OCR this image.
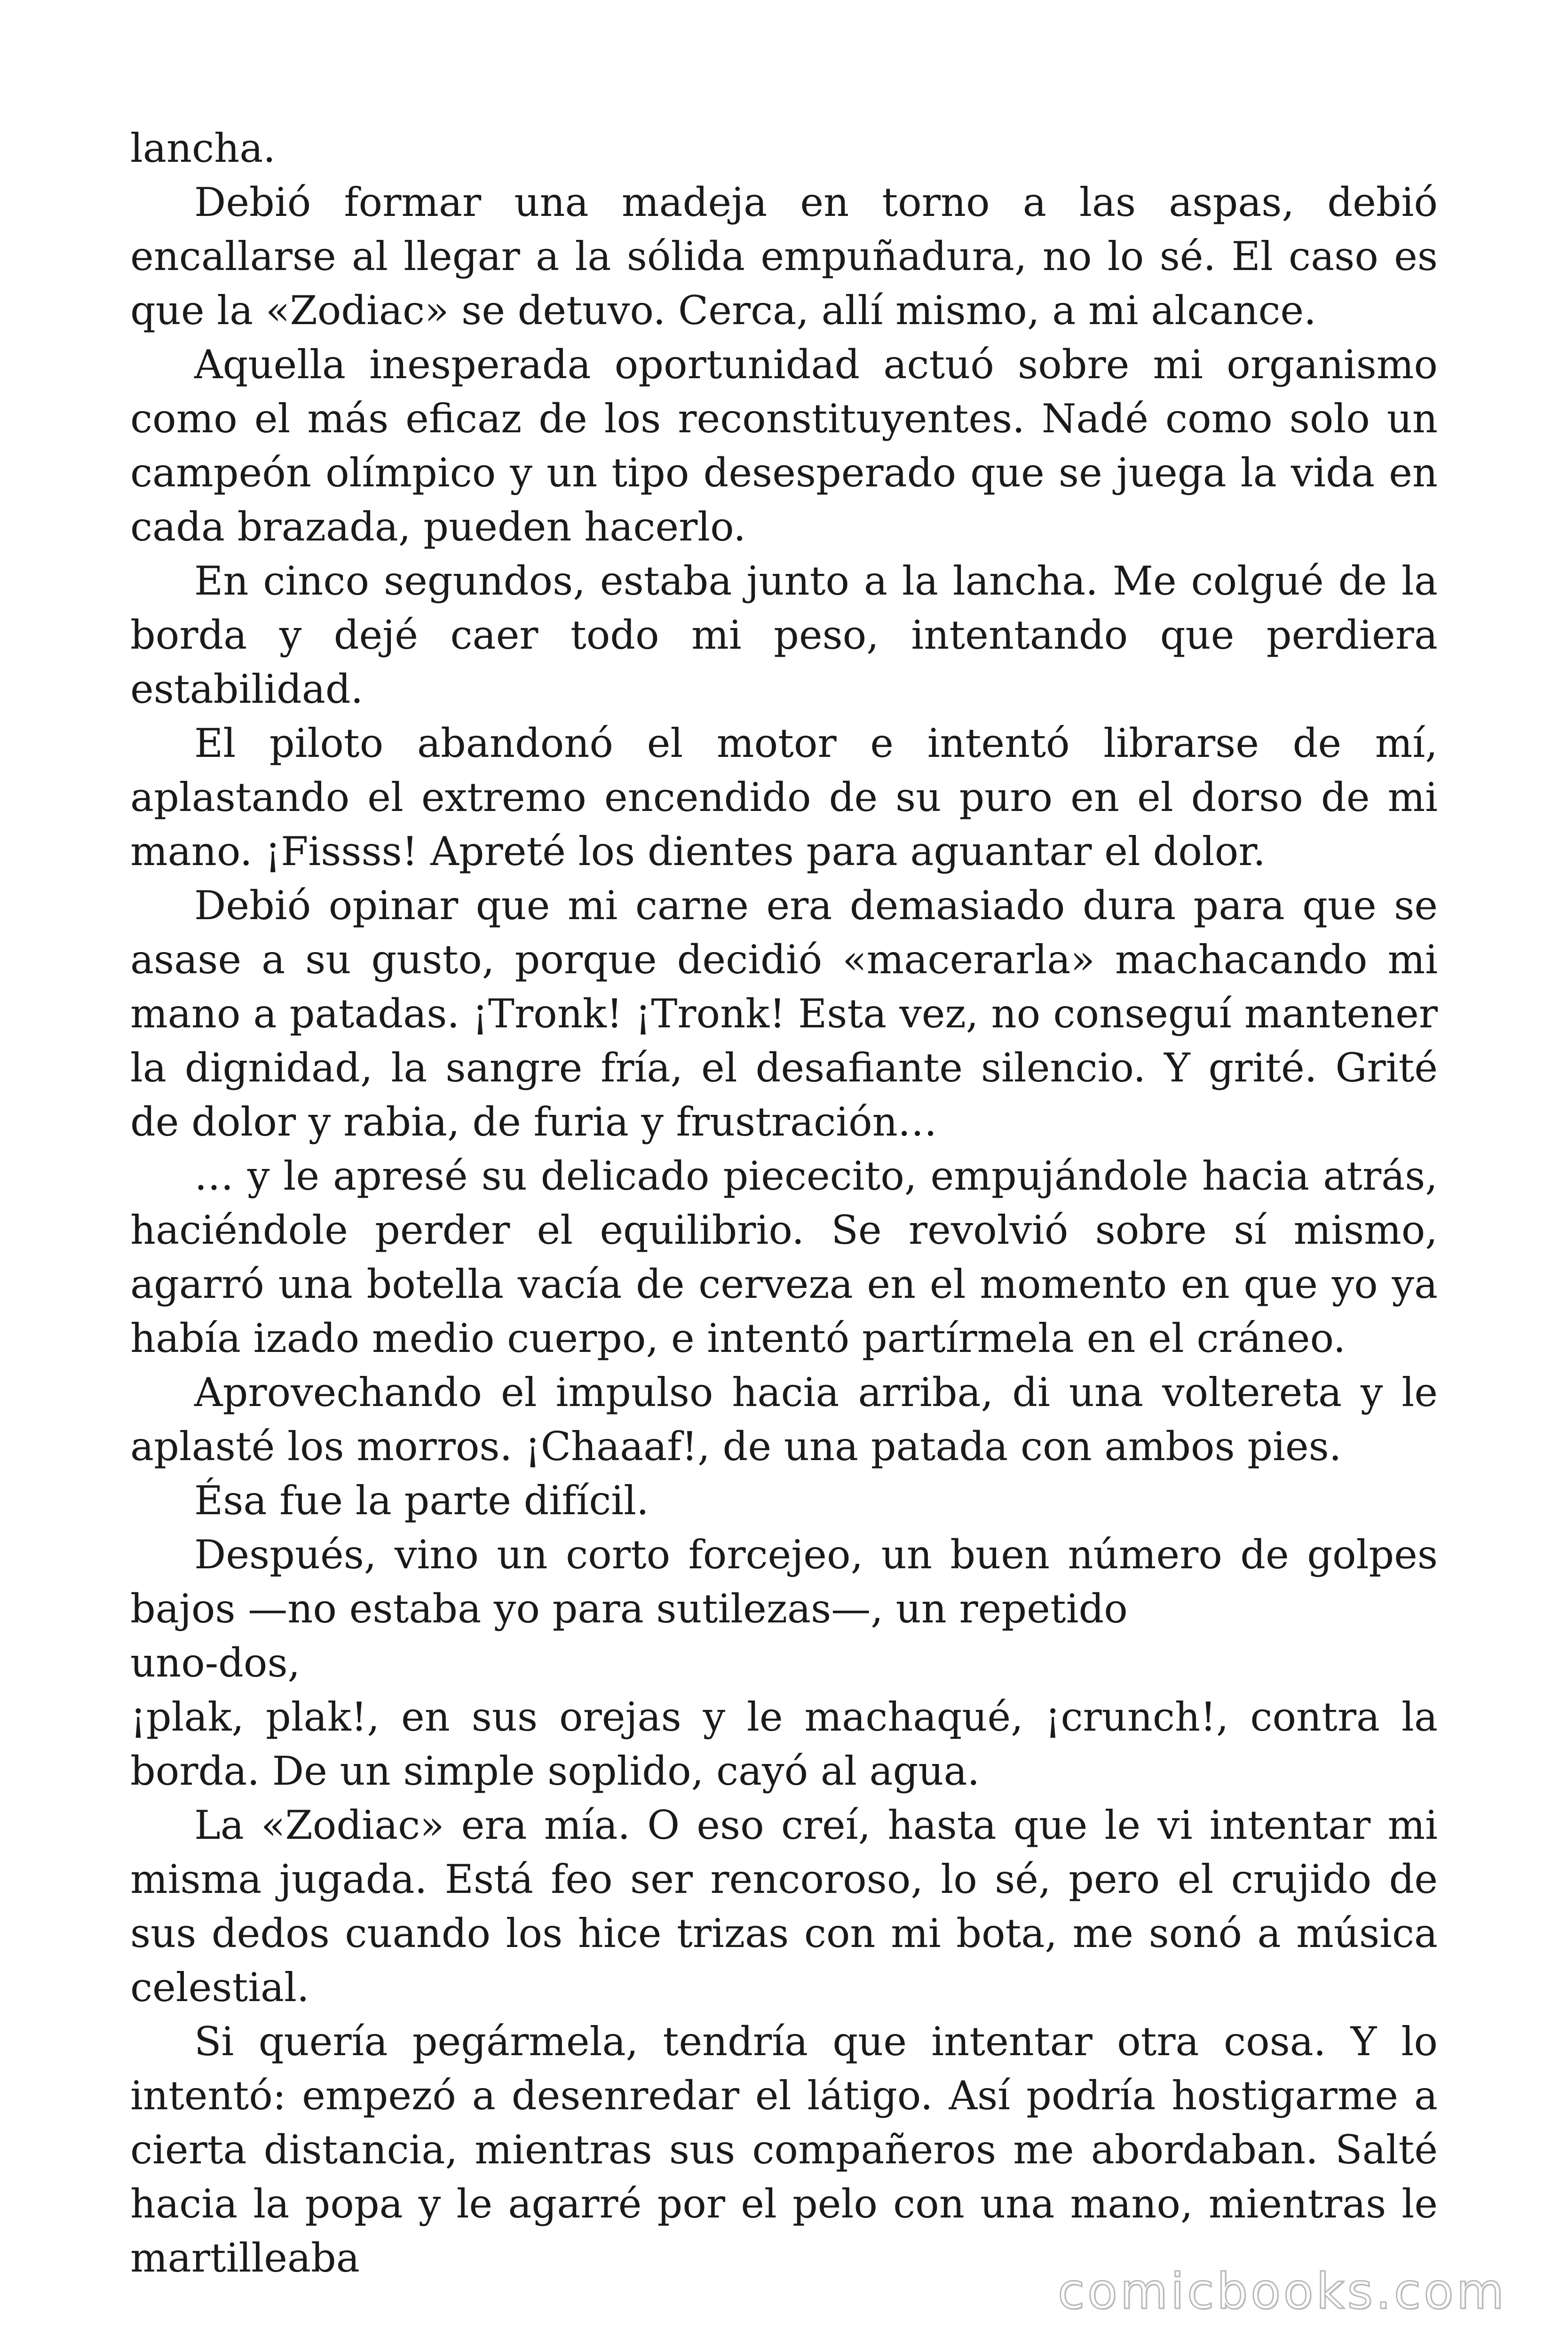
lancha.

Debió formar una madeja en torno a las aspas, debió encallarse al llegar a la sólida empuñadura, no lo sé. El caso es que la «Zodiac» se detuvo. Cerca, allí mismo, a mi alcance.

Aquella inesperada oportunidad actuó sobre mi organismo como el más eficaz de los reconstituyentes. Nadé como solo un campeón olímpico y un tipo desesperado que se juega la vida en cada brazada, pueden hacerlo.

En cinco segundos, estaba junto a la lancha. Me colgué de la borda y dejé caer todo mi peso, intentando que perdiera estabilidad.

El piloto abandonó el motor e intentó librarse de mí, aplastando el extremo encendido de su puro en el dorso de mi mano. ¡Fissss! Apreté los dientes para aguantar el dolor.

Debió opinar que mi carne era demasiado dura para que se asase a su gusto, porque decidió «macerarla» machacando mi mano a patadas. ¡Tronk! ¡Tronk! Esta vez, no conseguí mantener la dignidad, la sangre fría, el desafiante silencio. Y grité. Grité de dolor y rabia, de furia y frustración…

… y le apresé su delicado piececito, empujándole hacia atrás, haciéndole perder el equilibrio. Se revolvió sobre sí mismo, agarró una botella vacía de cerveza en el momento en que yo ya había izado medio cuerpo, e intentó partírmela en el cráneo.

Aprovechando el impulso hacia arriba, di una voltereta y le aplasté los morros. ¡Chaaaf!, de una patada con ambos pies.

Ésa fue la parte difícil.

Después, vino un corto forcejeo, un buen número de golpes bajos —no estaba yo para sutilezas—, un repetido

uno-dos,

¡plak, plak!, en sus orejas y le machaqué, ¡crunch!, contra la borda. De un simple soplido, cayó al agua.

La «Zodiac» era mía. O eso creí, hasta que le vi intentar mi misma jugada. Está feo ser rencoroso, lo sé, pero el crujido de sus dedos cuando los hice trizas con mi bota, me sonó a música celestial.

Si quería pegármela, tendría que intentar otra cosa. Y lo intentó: empezó a desenredar el látigo. Así podría hostigarme a cierta distancia, mientras sus compañeros me abordaban. Salté hacia la popa y le agarré por el pelo con una mano, mientras le martilleaba

comicbooks.com
